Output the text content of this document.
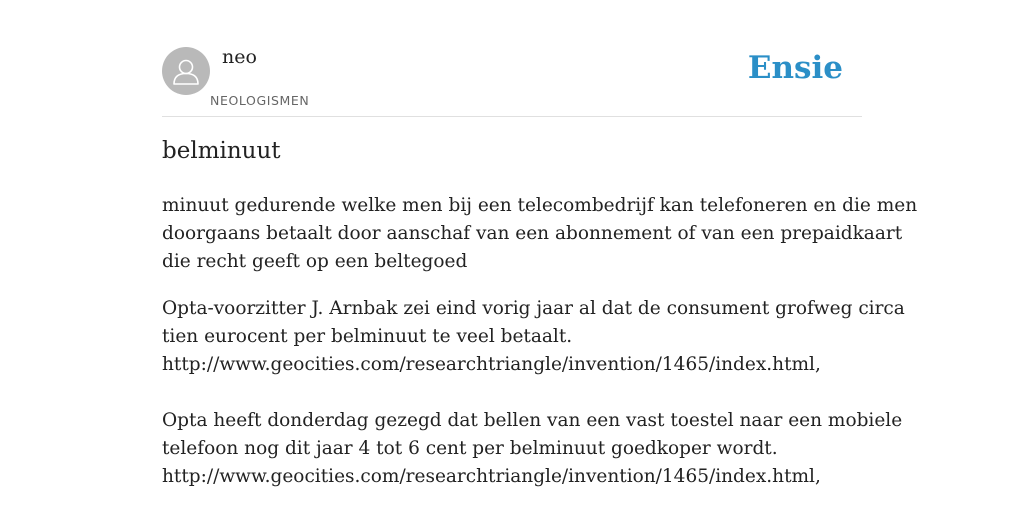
neo
NEOLOGISMEN
Ensie
belminuut

minuut gedurende welke men bij een telecombedrijf kan telefoneren en die men
doorgaans betaalt door aanschaf van een abonnement of van een prepaidkaart
die recht geeft op een beltegoed

Opta-voorzitter J. Arnbak zei eind vorig jaar al dat de consument grofweg circa
tien eurocent per belminuut te veel betaalt.
http://www.geocities.com/researchtriangle/invention/1465/index.html,

Opta heeft donderdag gezegd dat bellen van een vast toestel naar een mobiele
telefoon nog dit jaar 4 tot 6 cent per belminuut goedkoper wordt.
http://www.geocities.com/researchtriangle/invention/1465/index.html,
